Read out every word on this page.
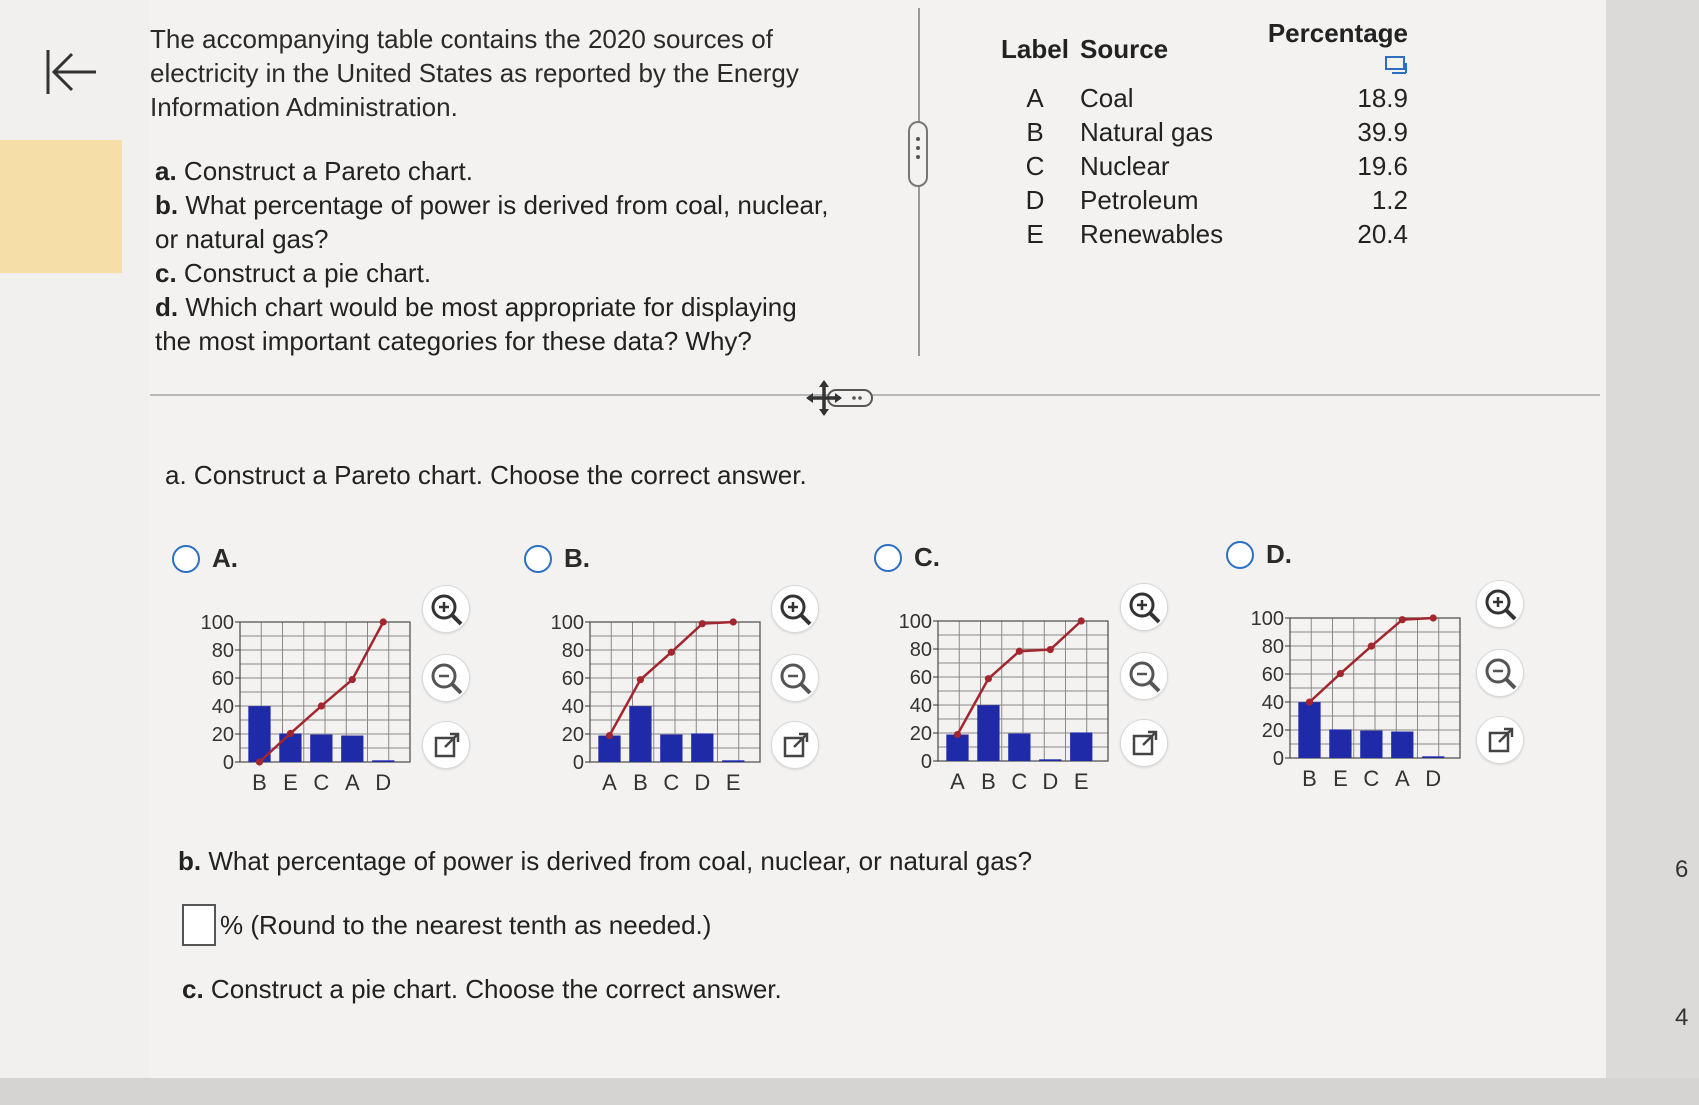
6
4
The accompanying table contains the 2020 sources of
electricity in the United States as reported by the Energy
Information Administration.
a. Construct a Pareto chart.
b. What percentage of power is derived from coal, nuclear,
or natural gas?
c. Construct a pie chart.
d. Which chart would be most appropriate for displaying
the most important categories for these data? Why?
Label	Source	Percentage
A	Coal	18.9
B	Natural gas	39.9
C	Nuclear	19.6
D	Petroleum	1.2
E	Renewables	20.4
a. Construct a Pareto chart. Choose the correct answer.
A.
100
80
60
40
20
0
B E C A D
B.
100
80
60
40
20
0
A B C D E
C.
100
80
60
40
20
0
A B C D E
D.
100
80
60
40
20
0
B E C A D
b. What percentage of power is derived from coal, nuclear, or natural gas?
% (Round to the nearest tenth as needed.)
c. Construct a pie chart. Choose the correct answer.
